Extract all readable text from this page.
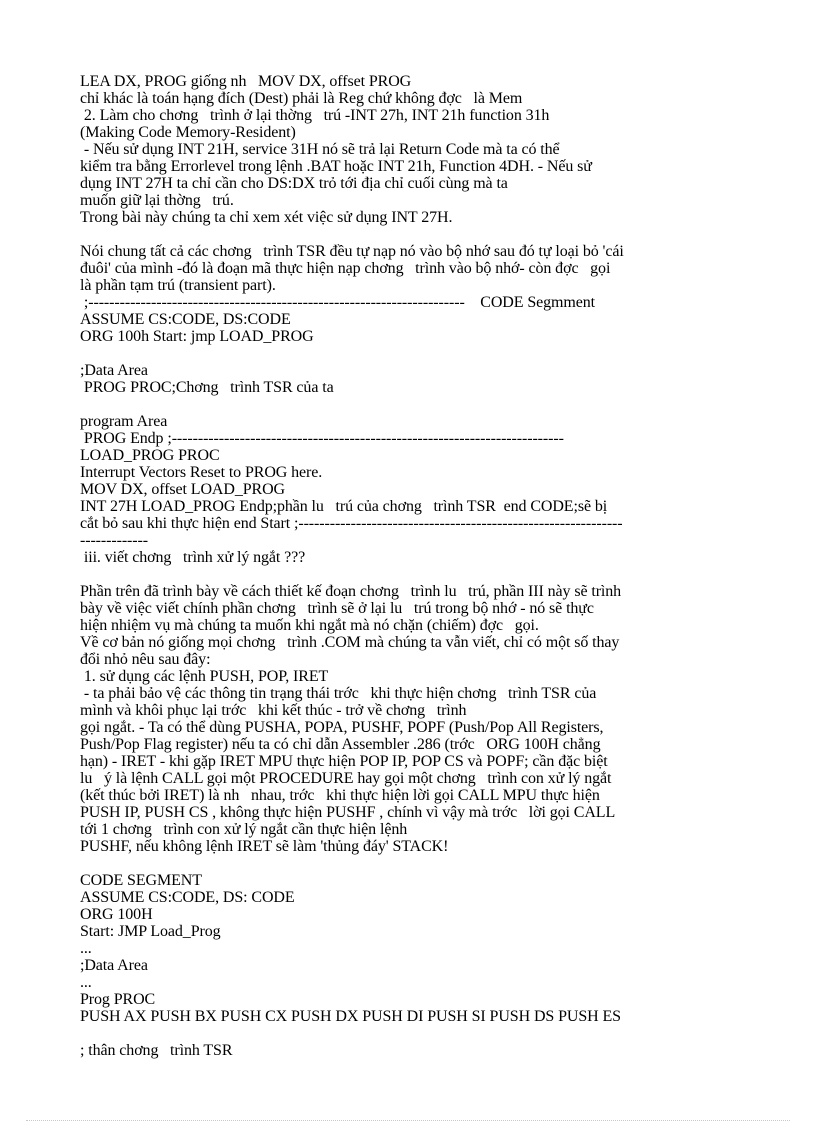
LEA DX, PROG giống nh   MOV DX, offset PROG
chỉ khác là toán hạng đích (Dest) phải là Reg chứ không đợc   là Mem
2. Làm cho chơng   trình ở lại thờng   trú -INT 27h, INT 21h function 31h
(Making Code Memory-Resident)
- Nếu sử dụng INT 21H, service 31H nó sẽ trả lại Return Code mà ta có thể
kiểm tra bằng Errorlevel trong lệnh .BAT hoặc INT 21h, Function 4DH. - Nếu sử
dụng INT 27H ta chỉ cần cho DS:DX trỏ tới địa chỉ cuối cùng mà ta
muốn giữ lại thờng   trú.
Trong bài này chúng ta chỉ xem xét việc sử dụng INT 27H.
Nói chung tất cả các chơng   trình TSR đều tự nạp nó vào bộ nhớ sau đó tự loại bỏ 'cái
đuôi' của mình -đó là đoạn mã thực hiện nạp chơng   trình vào bộ nhớ- còn đợc   gọi
là phần tạm trú (transient part).
;------------------------------------------------------------------------    CODE Segmment
ASSUME CS:CODE, DS:CODE
ORG 100h Start: jmp LOAD_PROG
;Data Area
PROG PROC;Chơng   trình TSR của ta
program Area
PROG Endp ;---------------------------------------------------------------------------
LOAD_PROG PROC
Interrupt Vectors Reset to PROG here.
MOV DX, offset LOAD_PROG
INT 27H LOAD_PROG Endp;phần lu   trú của chơng   trình TSR  end CODE;sẽ bị
cắt bỏ sau khi thực hiện end Start ;--------------------------------------------------------------
-------------
iii. viết chơng   trình xử lý ngắt ???
Phần trên đã trình bày về cách thiết kế đoạn chơng   trình lu   trú, phần III này sẽ trình
bày về việc viết chính phần chơng   trình sẽ ở lại lu   trú trong bộ nhớ - nó sẽ thực
hiện nhiệm vụ mà chúng ta muốn khi ngắt mà nó chặn (chiếm) đợc   gọi.
Về cơ bản nó giống mọi chơng   trình .COM mà chúng ta vẫn viết, chỉ có một số thay
đổi nhỏ nêu sau đây:
1. sử dụng các lệnh PUSH, POP, IRET
- ta phải bảo vệ các thông tin trạng thái trớc   khi thực hiện chơng   trình TSR của
mình và khôi phục lại trớc   khi kết thúc - trở về chơng   trình
gọi ngắt. - Ta có thể dùng PUSHA, POPA, PUSHF, POPF (Push/Pop All Registers,
Push/Pop Flag register) nếu ta có chỉ dẫn Assembler .286 (trớc   ORG 100H chẳng
hạn) - IRET - khi gặp IRET MPU thực hiện POP IP, POP CS và POPF; cần đặc biệt
lu   ý là lệnh CALL gọi một PROCEDURE hay gọi một chơng   trình con xử lý ngắt
(kết thúc bởi IRET) là nh   nhau, trớc   khi thực hiện lời gọi CALL MPU thực hiện
PUSH IP, PUSH CS , không thực hiện PUSHF , chính vì vậy mà trớc   lời gọi CALL
tới 1 chơng   trình con xử lý ngắt cần thực hiện lệnh
PUSHF, nếu không lệnh IRET sẽ làm 'thủng đáy' STACK!
CODE SEGMENT
ASSUME CS:CODE, DS: CODE
ORG 100H
Start: JMP Load_Prog
...
;Data Area
...
Prog PROC
PUSH AX PUSH BX PUSH CX PUSH DX PUSH DI PUSH SI PUSH DS PUSH ES
; thân chơng   trình TSR
